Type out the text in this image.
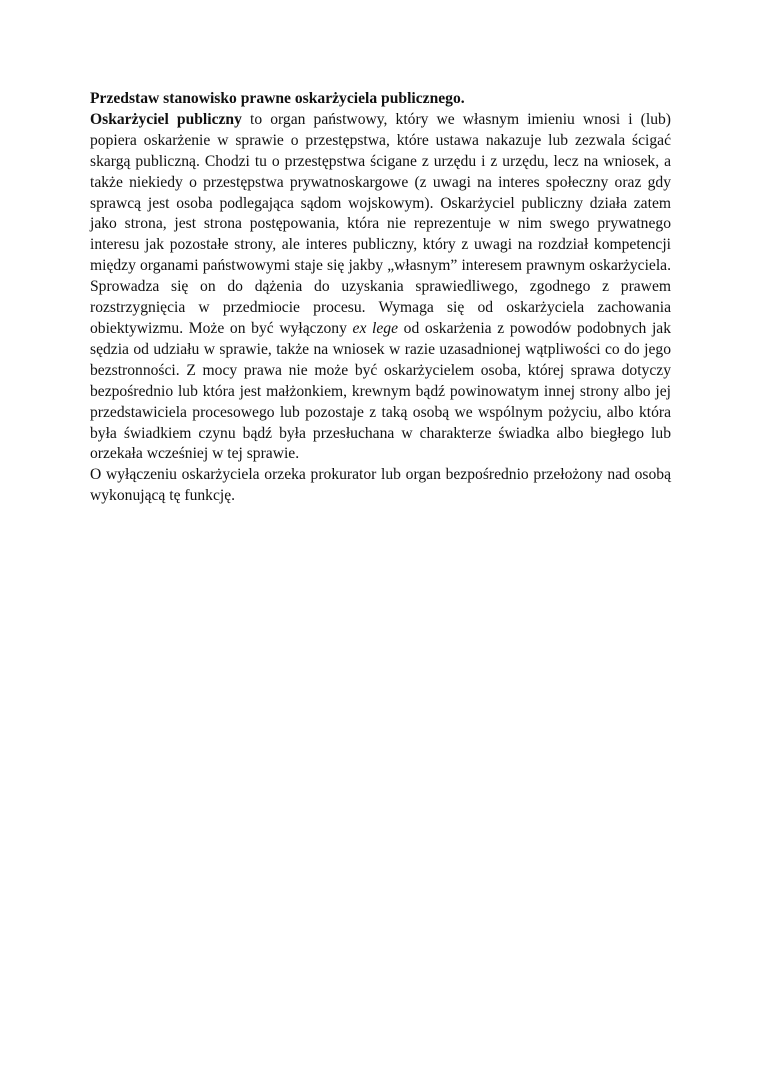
Przedstaw stanowisko prawne oskarżyciela publicznego.

Oskarżyciel publiczny to organ państwowy, który we własnym imieniu wnosi i (lub) popiera oskarżenie w sprawie o przestępstwa, które ustawa nakazuje lub zezwala ścigać skargą publiczną. Chodzi tu o przestępstwa ścigane z urzędu i z urzędu, lecz na wniosek, a także niekiedy o przestępstwa prywatnoskargowe (z uwagi na interes społeczny oraz gdy sprawcą jest osoba podlegająca sądom wojskowym). Oskarżyciel publiczny działa zatem jako strona, jest strona postępowania, która nie reprezentuje w nim swego prywatnego interesu jak pozostałe strony, ale interes publiczny, który z uwagi na rozdział kompetencji między organami państwowymi staje się jakby „własnym” interesem prawnym oskarżyciela. Sprowadza się on do dążenia do uzyskania sprawiedliwego, zgodnego z prawem rozstrzygnięcia w przedmiocie procesu. Wymaga się od oskarżyciela zachowania obiektywizmu. Może on być wyłączony ex lege od oskarżenia z powodów podobnych jak sędzia od udziału w sprawie, także na wniosek w razie uzasadnionej wątpliwości co do jego bezstronności. Z mocy prawa nie może być oskarżycielem osoba, której sprawa dotyczy bezpośrednio lub która jest małżonkiem, krewnym bądź powinowatym innej strony albo jej przedstawiciela procesowego lub pozostaje z taką osobą we wspólnym pożyciu, albo która była świadkiem czynu bądź była przesłuchana w charakterze świadka albo biegłego lub orzekała wcześniej w tej sprawie.

O wyłączeniu oskarżyciela orzeka prokurator lub organ bezpośrednio przełożony nad osobą wykonującą tę funkcję.
